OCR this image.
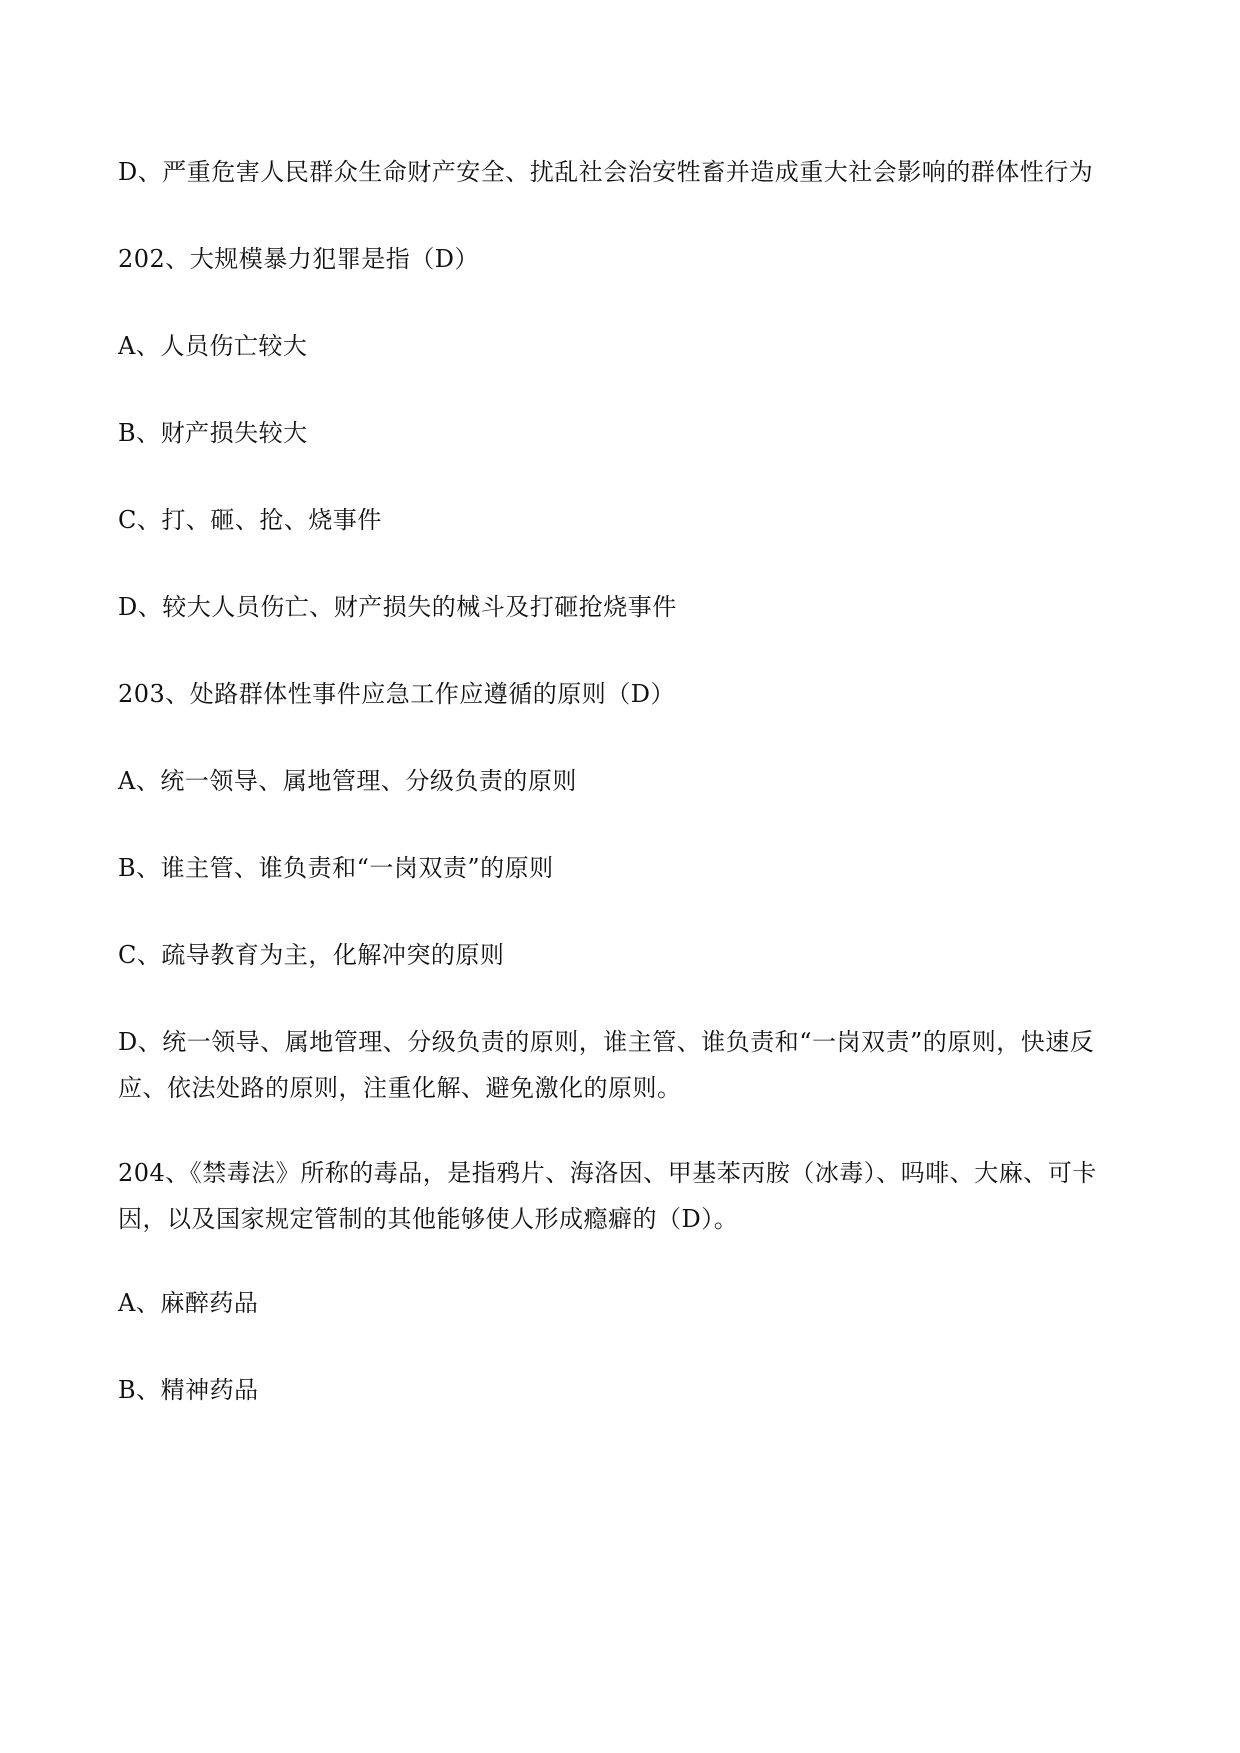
D、严重危害人民群众生命财产安全、扰乱社会治安牲畜并造成重大社会影响的群体性行为
202、大规模暴力犯罪是指（D）
A、人员伤亡较大
B、财产损失较大
C、打、砸、抢、烧事件
D、较大人员伤亡、财产损失的械斗及打砸抢烧事件
203、处路群体性事件应急工作应遵循的原则（D）
A、统一领导、属地管理、分级负责的原则
B、谁主管、谁负责和“一岗双责”的原则
C、疏导教育为主，化解冲突的原则
D、统一领导、属地管理、分级负责的原则，谁主管、谁负责和“一岗双责”的原则，快速反应、依法处路的原则，注重化解、避免激化的原则。
204、《禁毒法》所称的毒品，是指鸦片、海洛因、甲基苯丙胺（冰毒）、吗啡、大麻、可卡因，以及国家规定管制的其他能够使人形成瘾癖的（D）。
A、麻醉药品
B、精神药品
